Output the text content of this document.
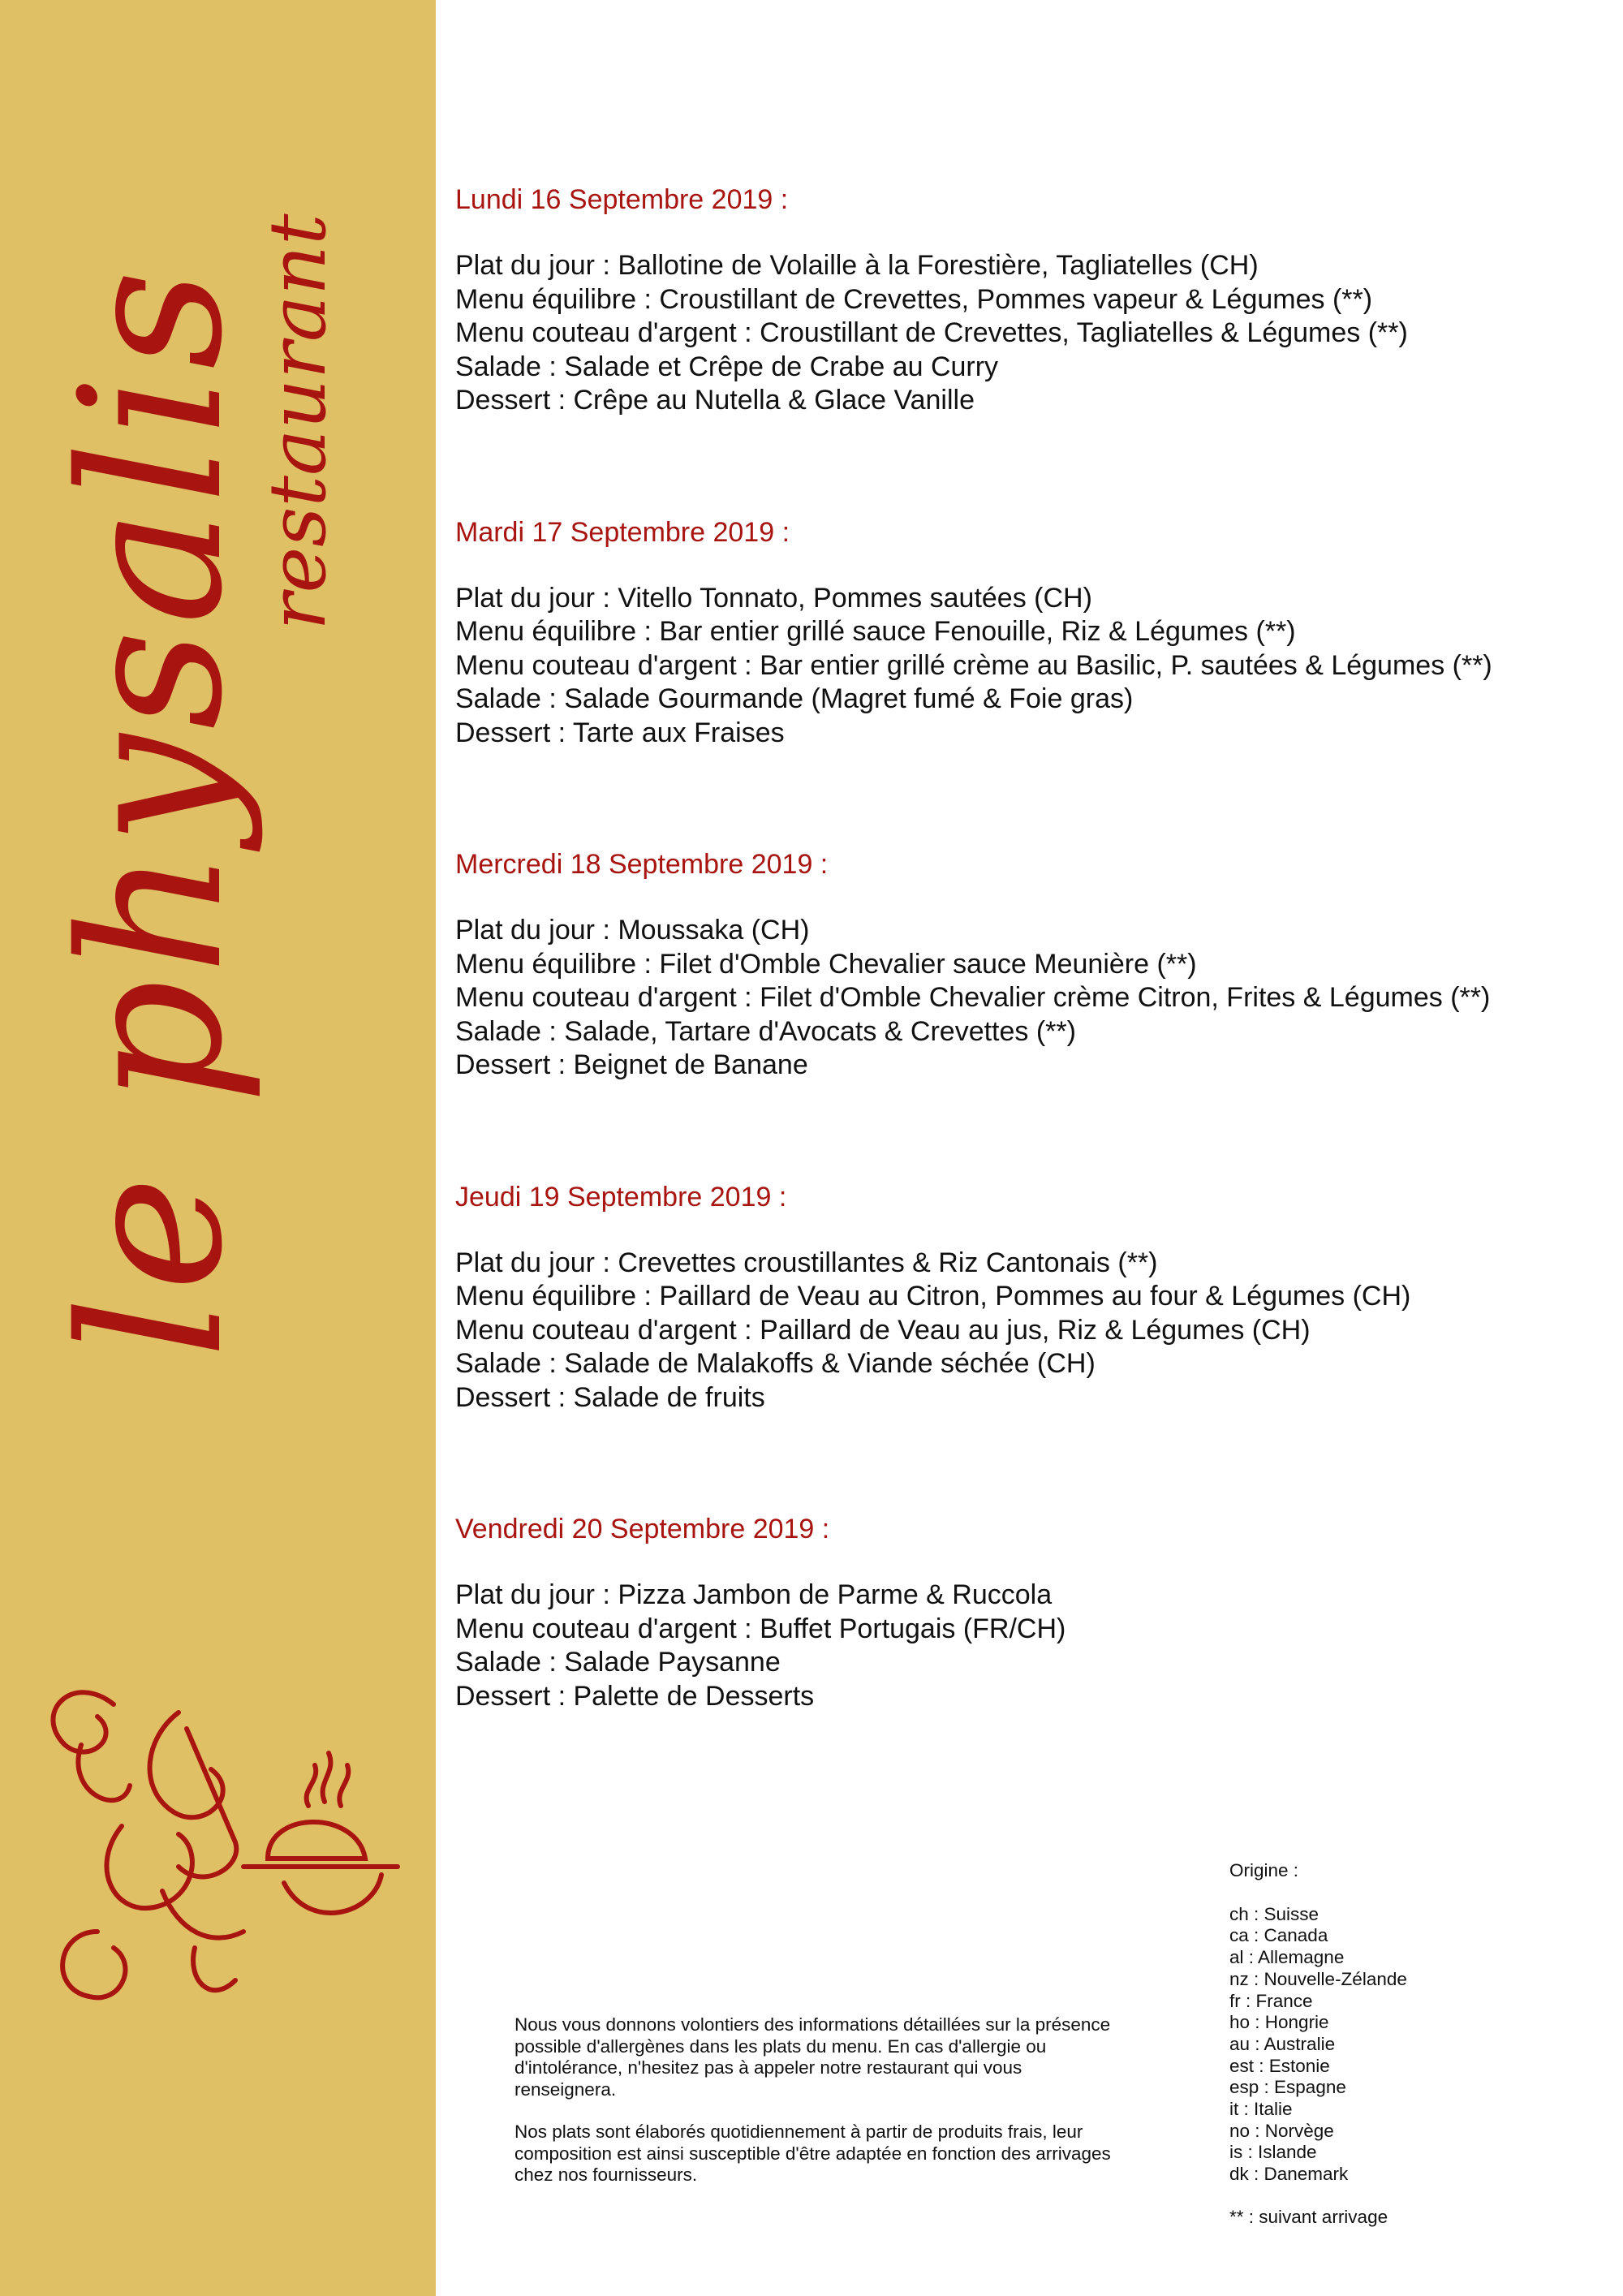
le physalis
restaurant
Lundi 16 Septembre 2019 :
Plat du jour : Ballotine de Volaille à la Forestière, Tagliatelles (CH)
Menu équilibre : Croustillant de Crevettes, Pommes vapeur & Légumes (**)
Menu couteau d'argent : Croustillant de Crevettes, Tagliatelles & Légumes (**)
Salade : Salade et Crêpe de Crabe au Curry
Dessert : Crêpe au Nutella & Glace Vanille
Mardi 17 Septembre 2019 :
Plat du jour : Vitello Tonnato, Pommes sautées (CH)
Menu équilibre : Bar entier grillé sauce Fenouille, Riz & Légumes (**)
Menu couteau d'argent : Bar entier grillé crème au Basilic, P. sautées & Légumes (**)
Salade : Salade Gourmande (Magret fumé & Foie gras)
Dessert : Tarte aux Fraises
Mercredi 18 Septembre 2019 :
Plat du jour : Moussaka (CH)
Menu équilibre : Filet d'Omble Chevalier sauce Meunière (**)
Menu couteau d'argent : Filet d'Omble Chevalier crème Citron, Frites & Légumes (**)
Salade : Salade, Tartare d'Avocats & Crevettes (**)
Dessert : Beignet de Banane
Jeudi 19 Septembre 2019 :
Plat du jour : Crevettes croustillantes & Riz Cantonais (**)
Menu équilibre : Paillard de Veau au Citron, Pommes au four & Légumes (CH)
Menu couteau d'argent : Paillard de Veau au jus, Riz & Légumes (CH)
Salade : Salade de Malakoffs & Viande séchée (CH)
Dessert : Salade de fruits
Vendredi 20 Septembre 2019 :
Plat du jour : Pizza Jambon de Parme & Ruccola
Menu couteau d'argent : Buffet Portugais (FR/CH)
Salade : Salade Paysanne
Dessert : Palette de Desserts

Nous vous donnons volontiers des informations détaillées sur la présence possible d'allergènes dans les plats du menu. En cas d'allergie ou d'intolérance, n'hesitez pas à appeler notre restaurant qui vous renseignera.

Nos plats sont élaborés quotidiennement à partir de produits frais, leur composition est ainsi susceptible d'être adaptée en fonction des arrivages chez nos fournisseurs.

Origine :
ch : Suisse
ca : Canada
al : Allemagne
nz : Nouvelle-Zélande
fr : France
ho : Hongrie
au : Australie
est : Estonie
esp : Espagne
it : Italie
no : Norvège
is : Islande
dk : Danemark
** : suivant arrivage
